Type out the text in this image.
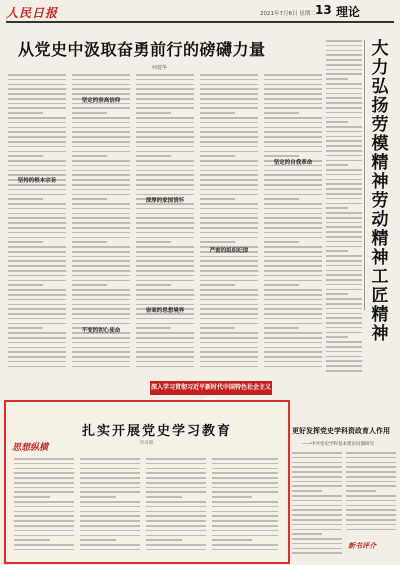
人民日报	2021年7月6日 星期二 13 理论
从党史中汲取奋勇前行的磅礴力量
何建华
坚定的崇高信仰
坚持的根本宗旨
深厚的家国情怀
严密的组织纪律
崇高的思想境界
坚定的自我革命
不变的初心使命
大力弘扬劳模精神劳动精神工匠精神
深入学习贯彻习近平新时代中国特色社会主义
思想纵横
扎实开展党史学习教育
许开轶
更好发挥党史学科资政育人作用
——中共党史学科基本理论问题研究
新书评介
